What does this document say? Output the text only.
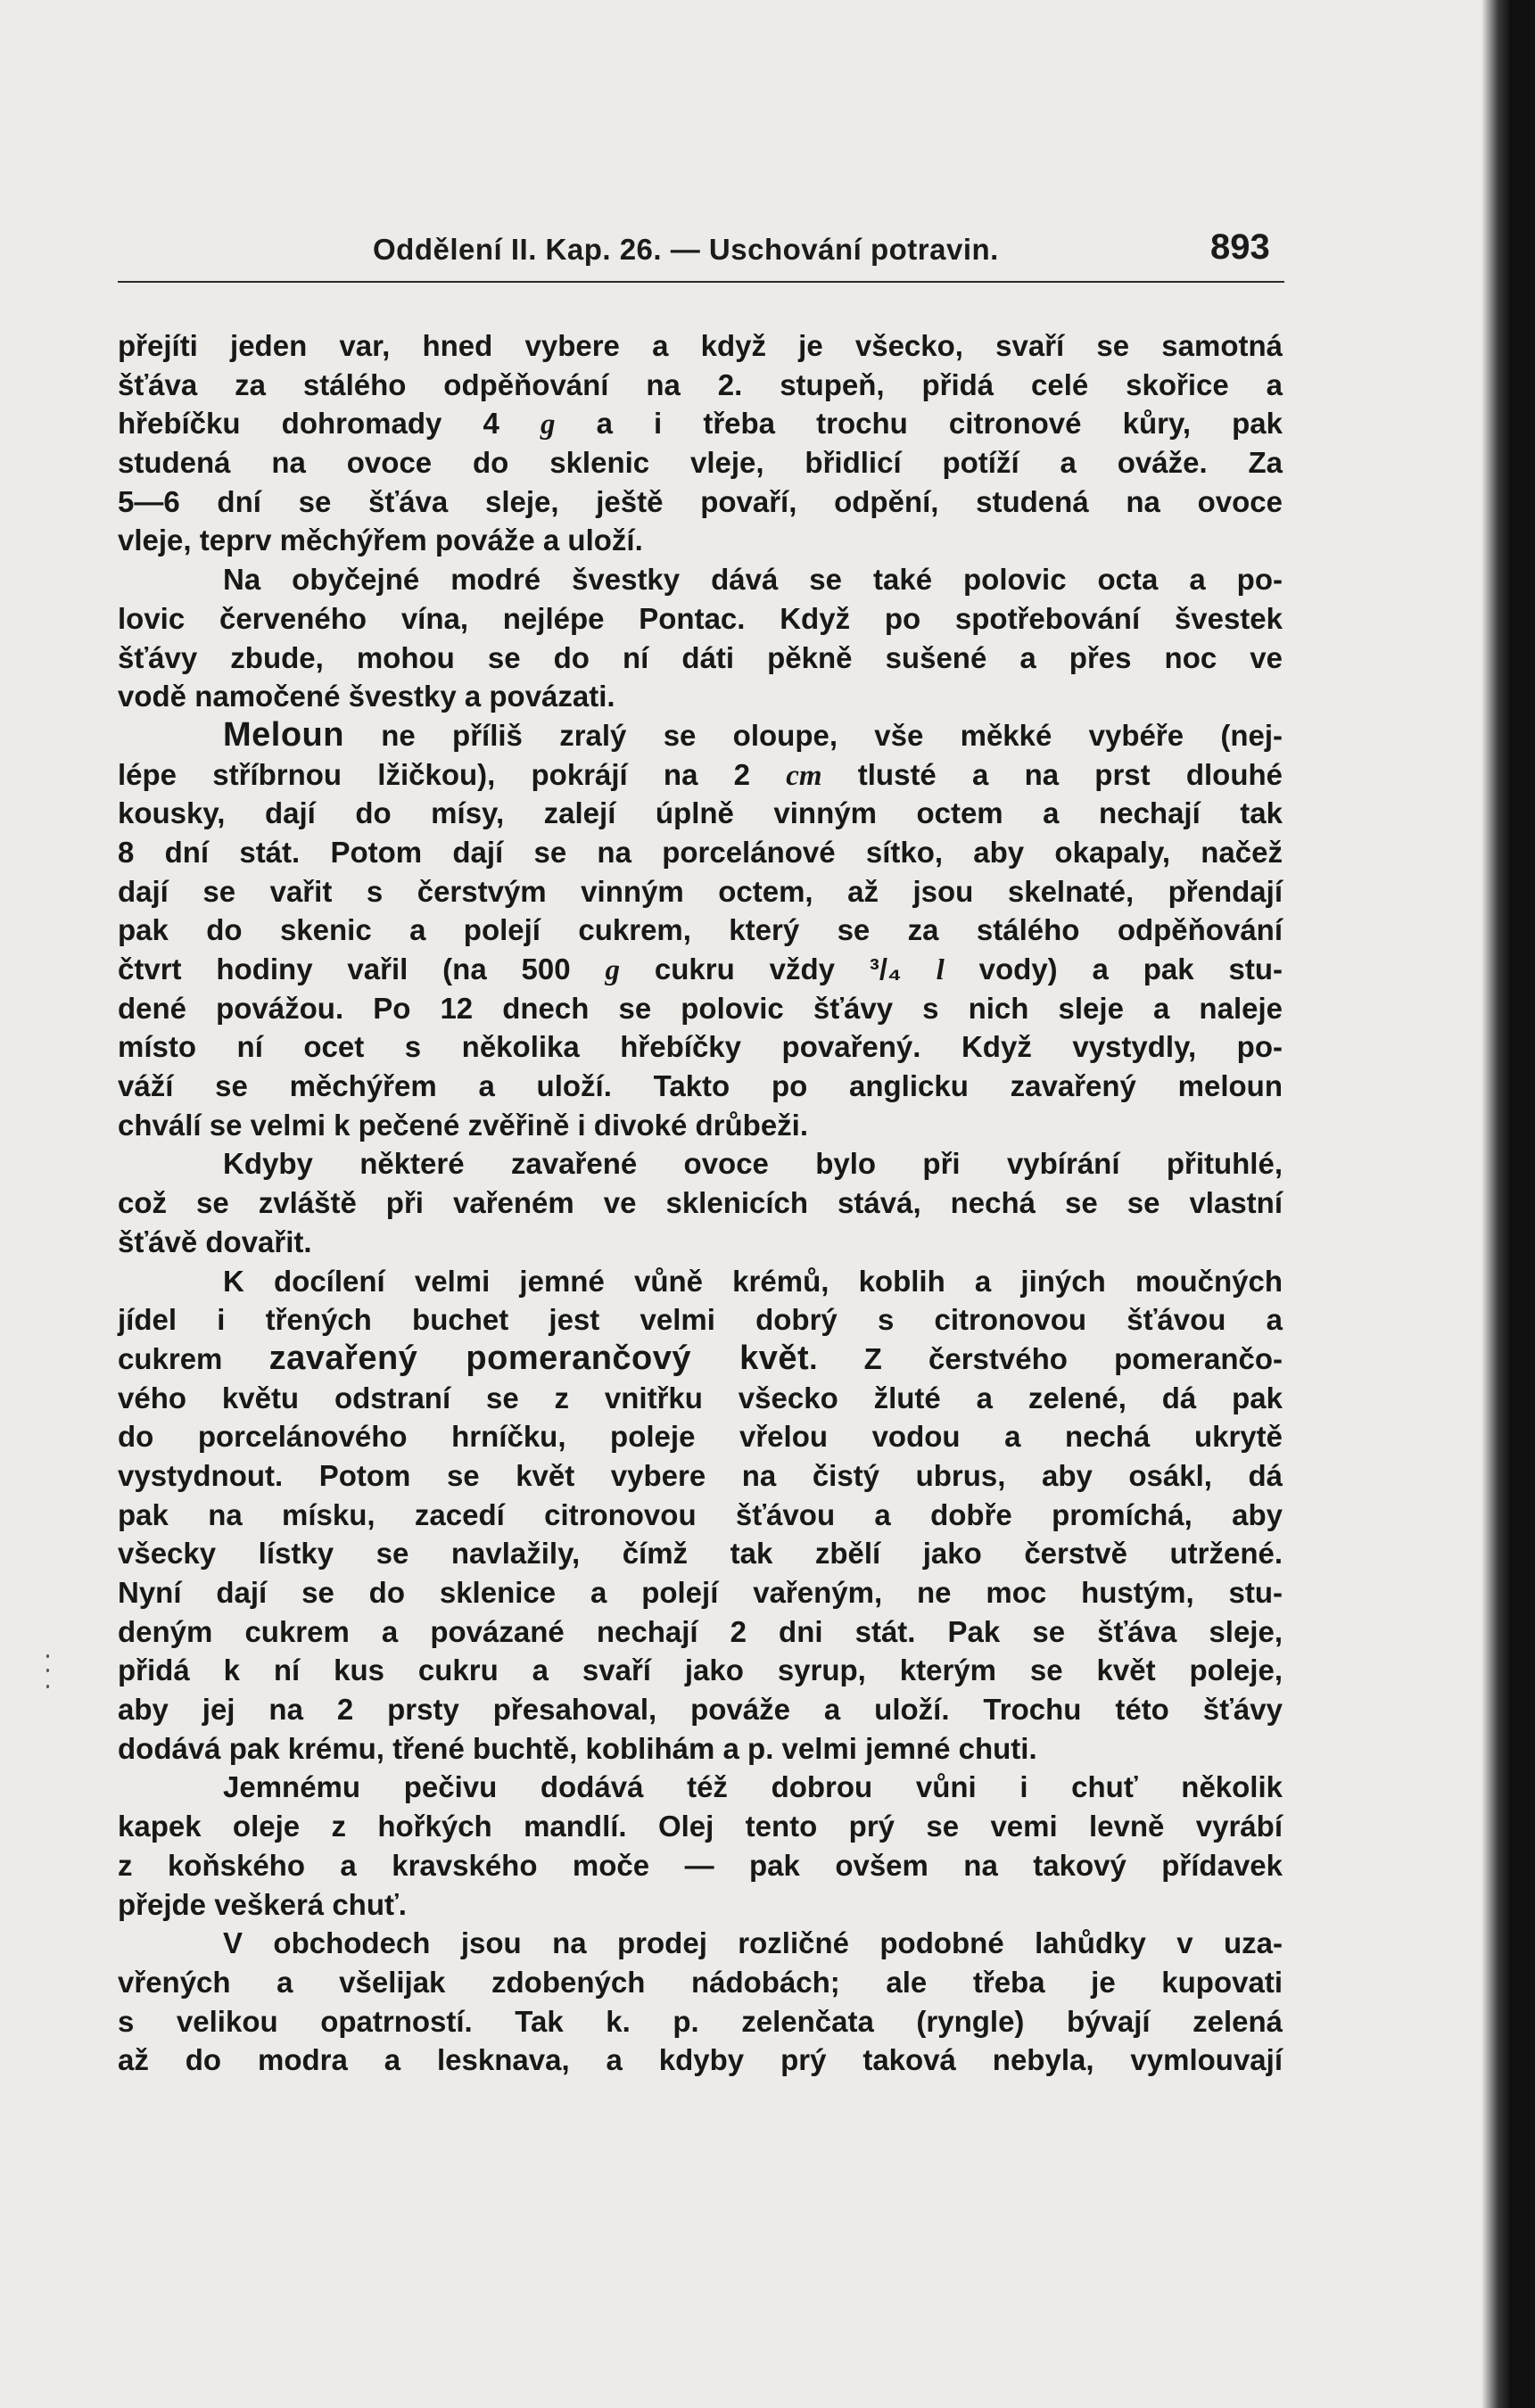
Oddělení II. Kap. 26. — Uschování potravin.	893
přejíti jeden var, hned vybere a když je všecko, svaří se samotná
šťáva za stálého odpěňování na 2. stupeň, přidá celé skořice a
hřebíčku dohromady 4 g a i třeba trochu citronové kůry, pak
studená na ovoce do sklenic vleje, břidlicí potíží a ováže. Za
5—6 dní se šťáva sleje, ještě povaří, odpění, studená na ovoce
vleje, teprv měchýřem pováže a uloží.
Na obyčejné modré švestky dává se také polovic octa a po-
lovic červeného vína, nejlépe Pontac. Když po spotřebování švestek
šťávy zbude, mohou se do ní dáti pěkně sušené a přes noc ve
vodě namočené švestky a povázati.
Meloun ne příliš zralý se oloupe, vše měkké vybéře (nej-
lépe stříbrnou lžičkou), pokrájí na 2 cm tlusté a na prst dlouhé
kousky, dají do mísy, zalejí úplně vinným octem a nechají tak
8 dní stát. Potom dají se na porcelánové sítko, aby okapaly, načež
dají se vařit s čerstvým vinným octem, až jsou skelnaté, přendají
pak do skenic a polejí cukrem, který se za stálého odpěňování
čtvrt hodiny vařil (na 500 g cukru vždy ³/₄ l vody) a pak stu-
dené povážou. Po 12 dnech se polovic šťávy s nich sleje a naleje
místo ní ocet s několika hřebíčky povařený. Když vystydly, po-
váží se měchýřem a uloží. Takto po anglicku zavařený meloun
chválí se velmi k pečené zvěřině i divoké drůbeži.
Kdyby některé zavařené ovoce bylo při vybírání přituhlé,
což se zvláště při vařeném ve sklenicích stává, nechá se se vlastní
šťávě dovařit.
K docílení velmi jemné vůně krémů, koblih a jiných moučných
jídel i třených buchet jest velmi dobrý s citronovou šťávou a
cukrem zavařený pomerančový květ. Z čerstvého pomerančo-
vého květu odstraní se z vnitřku všecko žluté a zelené, dá pak
do porcelánového hrníčku, poleje vřelou vodou a nechá ukrytě
vystydnout. Potom se květ vybere na čistý ubrus, aby osákl, dá
pak na mísku, zacedí citronovou šťávou a dobře promíchá, aby
všecky lístky se navlažily, čímž tak zbělí jako čerstvě utržené.
Nyní dají se do sklenice a polejí vařeným, ne moc hustým, stu-
deným cukrem a povázané nechají 2 dni stát. Pak se šťáva sleje,
přidá k ní kus cukru a svaří jako syrup, kterým se květ poleje,
aby jej na 2 prsty přesahoval, pováže a uloží. Trochu této šťávy
dodává pak krému, třené buchtě, koblihám a p. velmi jemné chuti.
Jemnému pečivu dodává též dobrou vůni i chuť několik
kapek oleje z hořkých mandlí. Olej tento prý se vemi levně vyrábí
z koňského a kravského moče — pak ovšem na takový přídavek
přejde veškerá chuť.
V obchodech jsou na prodej rozličné podobné lahůdky v uza-
vřených a všelijak zdobených nádobách; ale třeba je kupovati
s velikou opatrností. Tak k. p. zelenčata (ryngle) bývají zelená
až do modra a lesknava, a kdyby prý taková nebyla, vymlouvají
